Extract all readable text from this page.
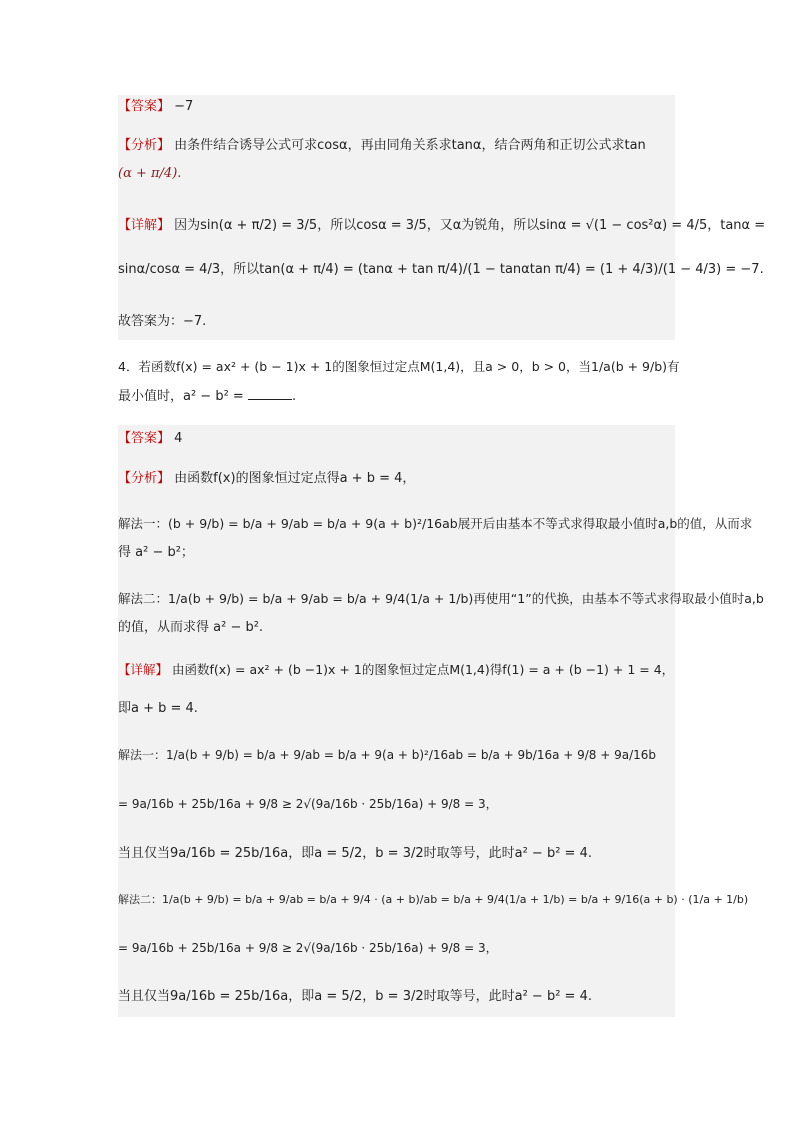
【答案】 −7
【分析】 由条件结合诱导公式可求cosα，再由同角关系求tanα，结合两角和正切公式求tan
(α + π/4).
【详解】 因为sin(α + π/2) = 3/5，所以cosα = 3/5，又α为锐角，所以sinα = √(1 − cos²α) = 4/5，tanα =
sinα/cosα = 4/3，所以tan(α + π/4) = (tanα + tan π/4)/(1 − tanαtan π/4) = (1 + 4/3)/(1 − 4/3) = −7.
故答案为：−7.
4．若函数f(x) = ax² + (b − 1)x + 1的图象恒过定点M(1,4)，且a > 0，b > 0，当1/a(b + 9/b)有
最小值时，a² − b² =	.
【答案】 4
【分析】 由函数f(x)的图象恒过定点得a + b = 4，
解法一：(b + 9/b) = b/a + 9/ab = b/a + 9(a + b)²/16ab展开后由基本不等式求得取最小值时a,b的值，从而求
得 a² − b²；
解法二：1/a(b + 9/b) = b/a + 9/ab = b/a + 9/4(1/a + 1/b)再使用“1”的代换，由基本不等式求得取最小值时a,b
的值，从而求得 a² − b².
【详解】 由函数f(x) = ax² + (b −1)x + 1的图象恒过定点M(1,4)得f(1) = a + (b −1) + 1 = 4，
即a + b = 4.
解法一：1/a(b + 9/b) = b/a + 9/ab = b/a + 9(a + b)²/16ab = b/a + 9b/16a + 9/8 + 9a/16b
= 9a/16b + 25b/16a + 9/8 ≥ 2√(9a/16b · 25b/16a) + 9/8 = 3，
当且仅当9a/16b = 25b/16a，即a = 5/2，b = 3/2时取等号，此时a² − b² = 4.
解法二：1/a(b + 9/b) = b/a + 9/ab = b/a + 9/4 · (a + b)/ab = b/a + 9/4(1/a + 1/b) = b/a + 9/16(a + b) · (1/a + 1/b)
= 9a/16b + 25b/16a + 9/8 ≥ 2√(9a/16b · 25b/16a) + 9/8 = 3，
当且仅当9a/16b = 25b/16a，即a = 5/2，b = 3/2时取等号，此时a² − b² = 4.
